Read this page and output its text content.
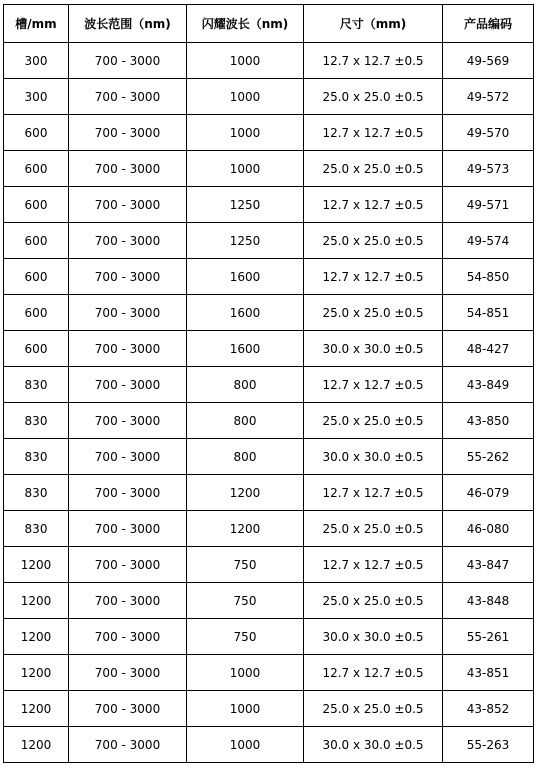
槽/mm	波长范围（nm)	闪耀波长（nm)	尺寸（mm)	产品编码
300	700 - 3000	1000	12.7 x 12.7 ±0.5	49-569
300	700 - 3000	1000	25.0 x 25.0 ±0.5	49-572
600	700 - 3000	1000	12.7 x 12.7 ±0.5	49-570
600	700 - 3000	1000	25.0 x 25.0 ±0.5	49-573
600	700 - 3000	1250	12.7 x 12.7 ±0.5	49-571
600	700 - 3000	1250	25.0 x 25.0 ±0.5	49-574
600	700 - 3000	1600	12.7 x 12.7 ±0.5	54-850
600	700 - 3000	1600	25.0 x 25.0 ±0.5	54-851
600	700 - 3000	1600	30.0 x 30.0 ±0.5	48-427
830	700 - 3000	800	12.7 x 12.7 ±0.5	43-849
830	700 - 3000	800	25.0 x 25.0 ±0.5	43-850
830	700 - 3000	800	30.0 x 30.0 ±0.5	55-262
830	700 - 3000	1200	12.7 x 12.7 ±0.5	46-079
830	700 - 3000	1200	25.0 x 25.0 ±0.5	46-080
1200	700 - 3000	750	12.7 x 12.7 ±0.5	43-847
1200	700 - 3000	750	25.0 x 25.0 ±0.5	43-848
1200	700 - 3000	750	30.0 x 30.0 ±0.5	55-261
1200	700 - 3000	1000	12.7 x 12.7 ±0.5	43-851
1200	700 - 3000	1000	25.0 x 25.0 ±0.5	43-852
1200	700 - 3000	1000	30.0 x 30.0 ±0.5	55-263
